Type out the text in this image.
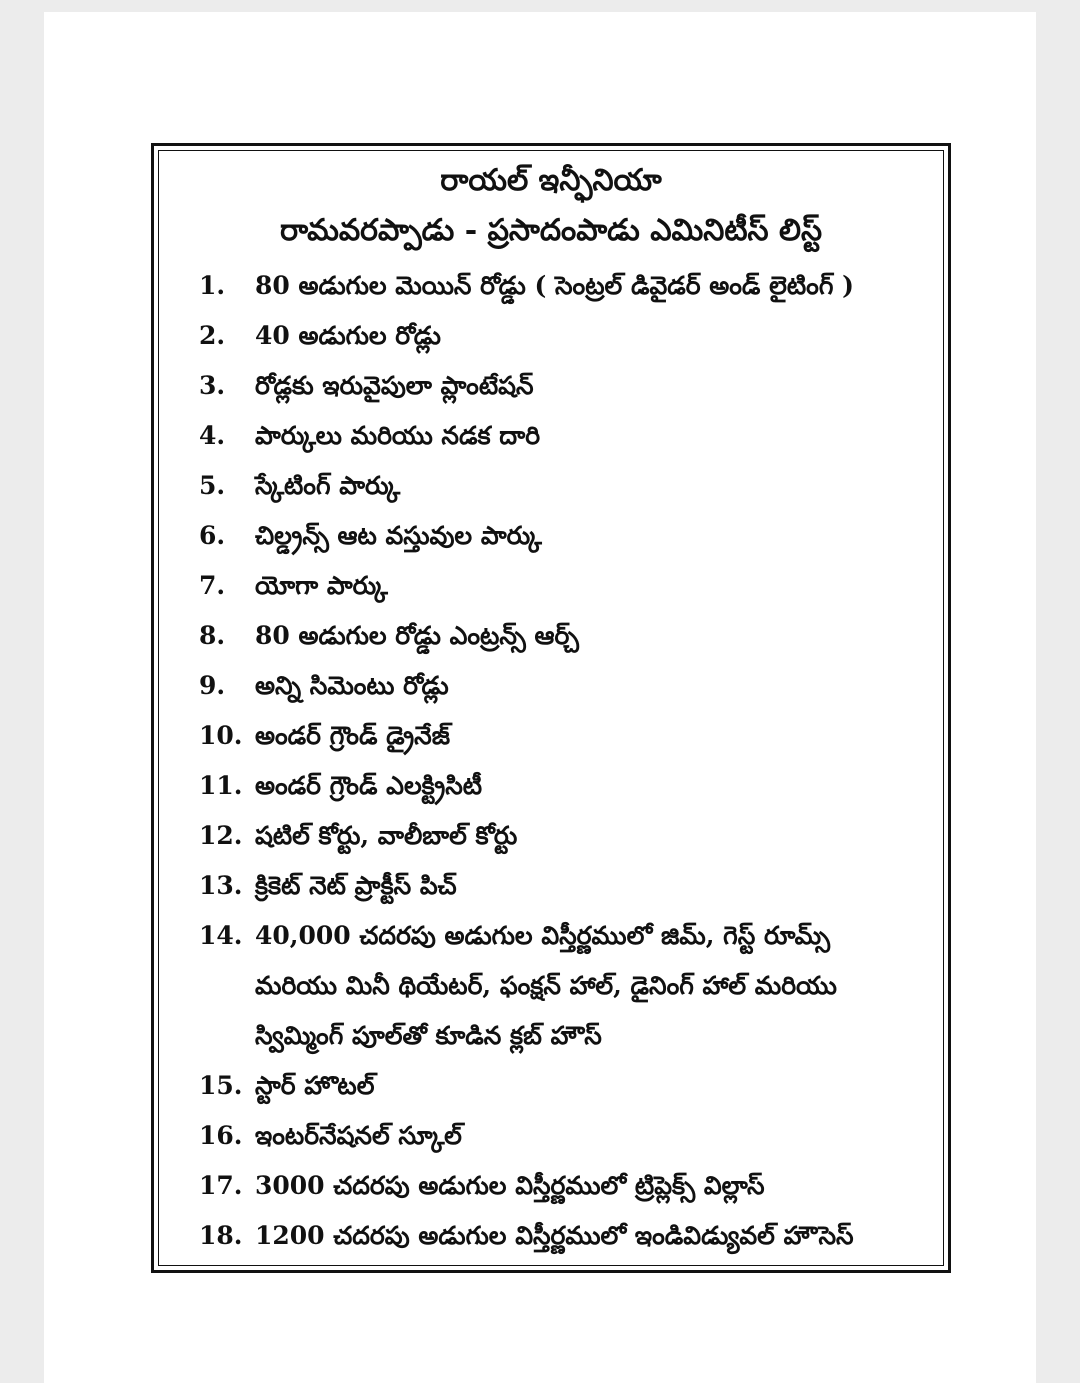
రాయల్ ఇన్ఫీనియా
రామవరప్పాడు - ప్రసాదంపాడు ఎమినిటీస్ లిస్ట్
1.	80 అడుగుల మెయిన్ రోడ్డు ( సెంట్రల్ డివైడర్ అండ్ లైటింగ్ )
2.	40 అడుగుల రోడ్లు
3.	రోడ్లకు ఇరువైపులా ప్లాంటేషన్
4.	పార్కులు మరియు నడక దారి
5.	స్కేటింగ్ పార్కు
6.	చిల్డ్రన్స్ ఆట వస్తువుల పార్కు
7.	యోగా పార్కు
8.	80 అడుగుల రోడ్డు ఎంట్రన్స్ ఆర్చ్
9.	అన్ని సిమెంటు రోడ్లు
10. అండర్ గ్రౌండ్ డ్రైనేజ్
11. అండర్ గ్రౌండ్ ఎలక్ట్రిసిటీ
12. షటిల్ కోర్టు, వాలీబాల్ కోర్టు
13. క్రికెట్ నెట్ ప్రాక్టీస్ పిచ్
14. 40,000 చదరపు అడుగుల విస్తీర్ణములో జిమ్, గెస్ట్ రూమ్స్
మరియు మినీ థియేటర్, ఫంక్షన్ హాల్, డైనింగ్ హాల్ మరియు
స్విమ్మింగ్ పూల్‌తో కూడిన క్లబ్ హౌస్
15. స్టార్ హొటల్
16. ఇంటర్‌నేషనల్ స్కూల్
17. 3000 చదరపు అడుగుల విస్తీర్ణములో ట్రిప్లెక్స్ విల్లాస్
18. 1200 చదరపు అడుగుల విస్తీర్ణములో ఇండివిడ్యువల్ హౌసెస్
